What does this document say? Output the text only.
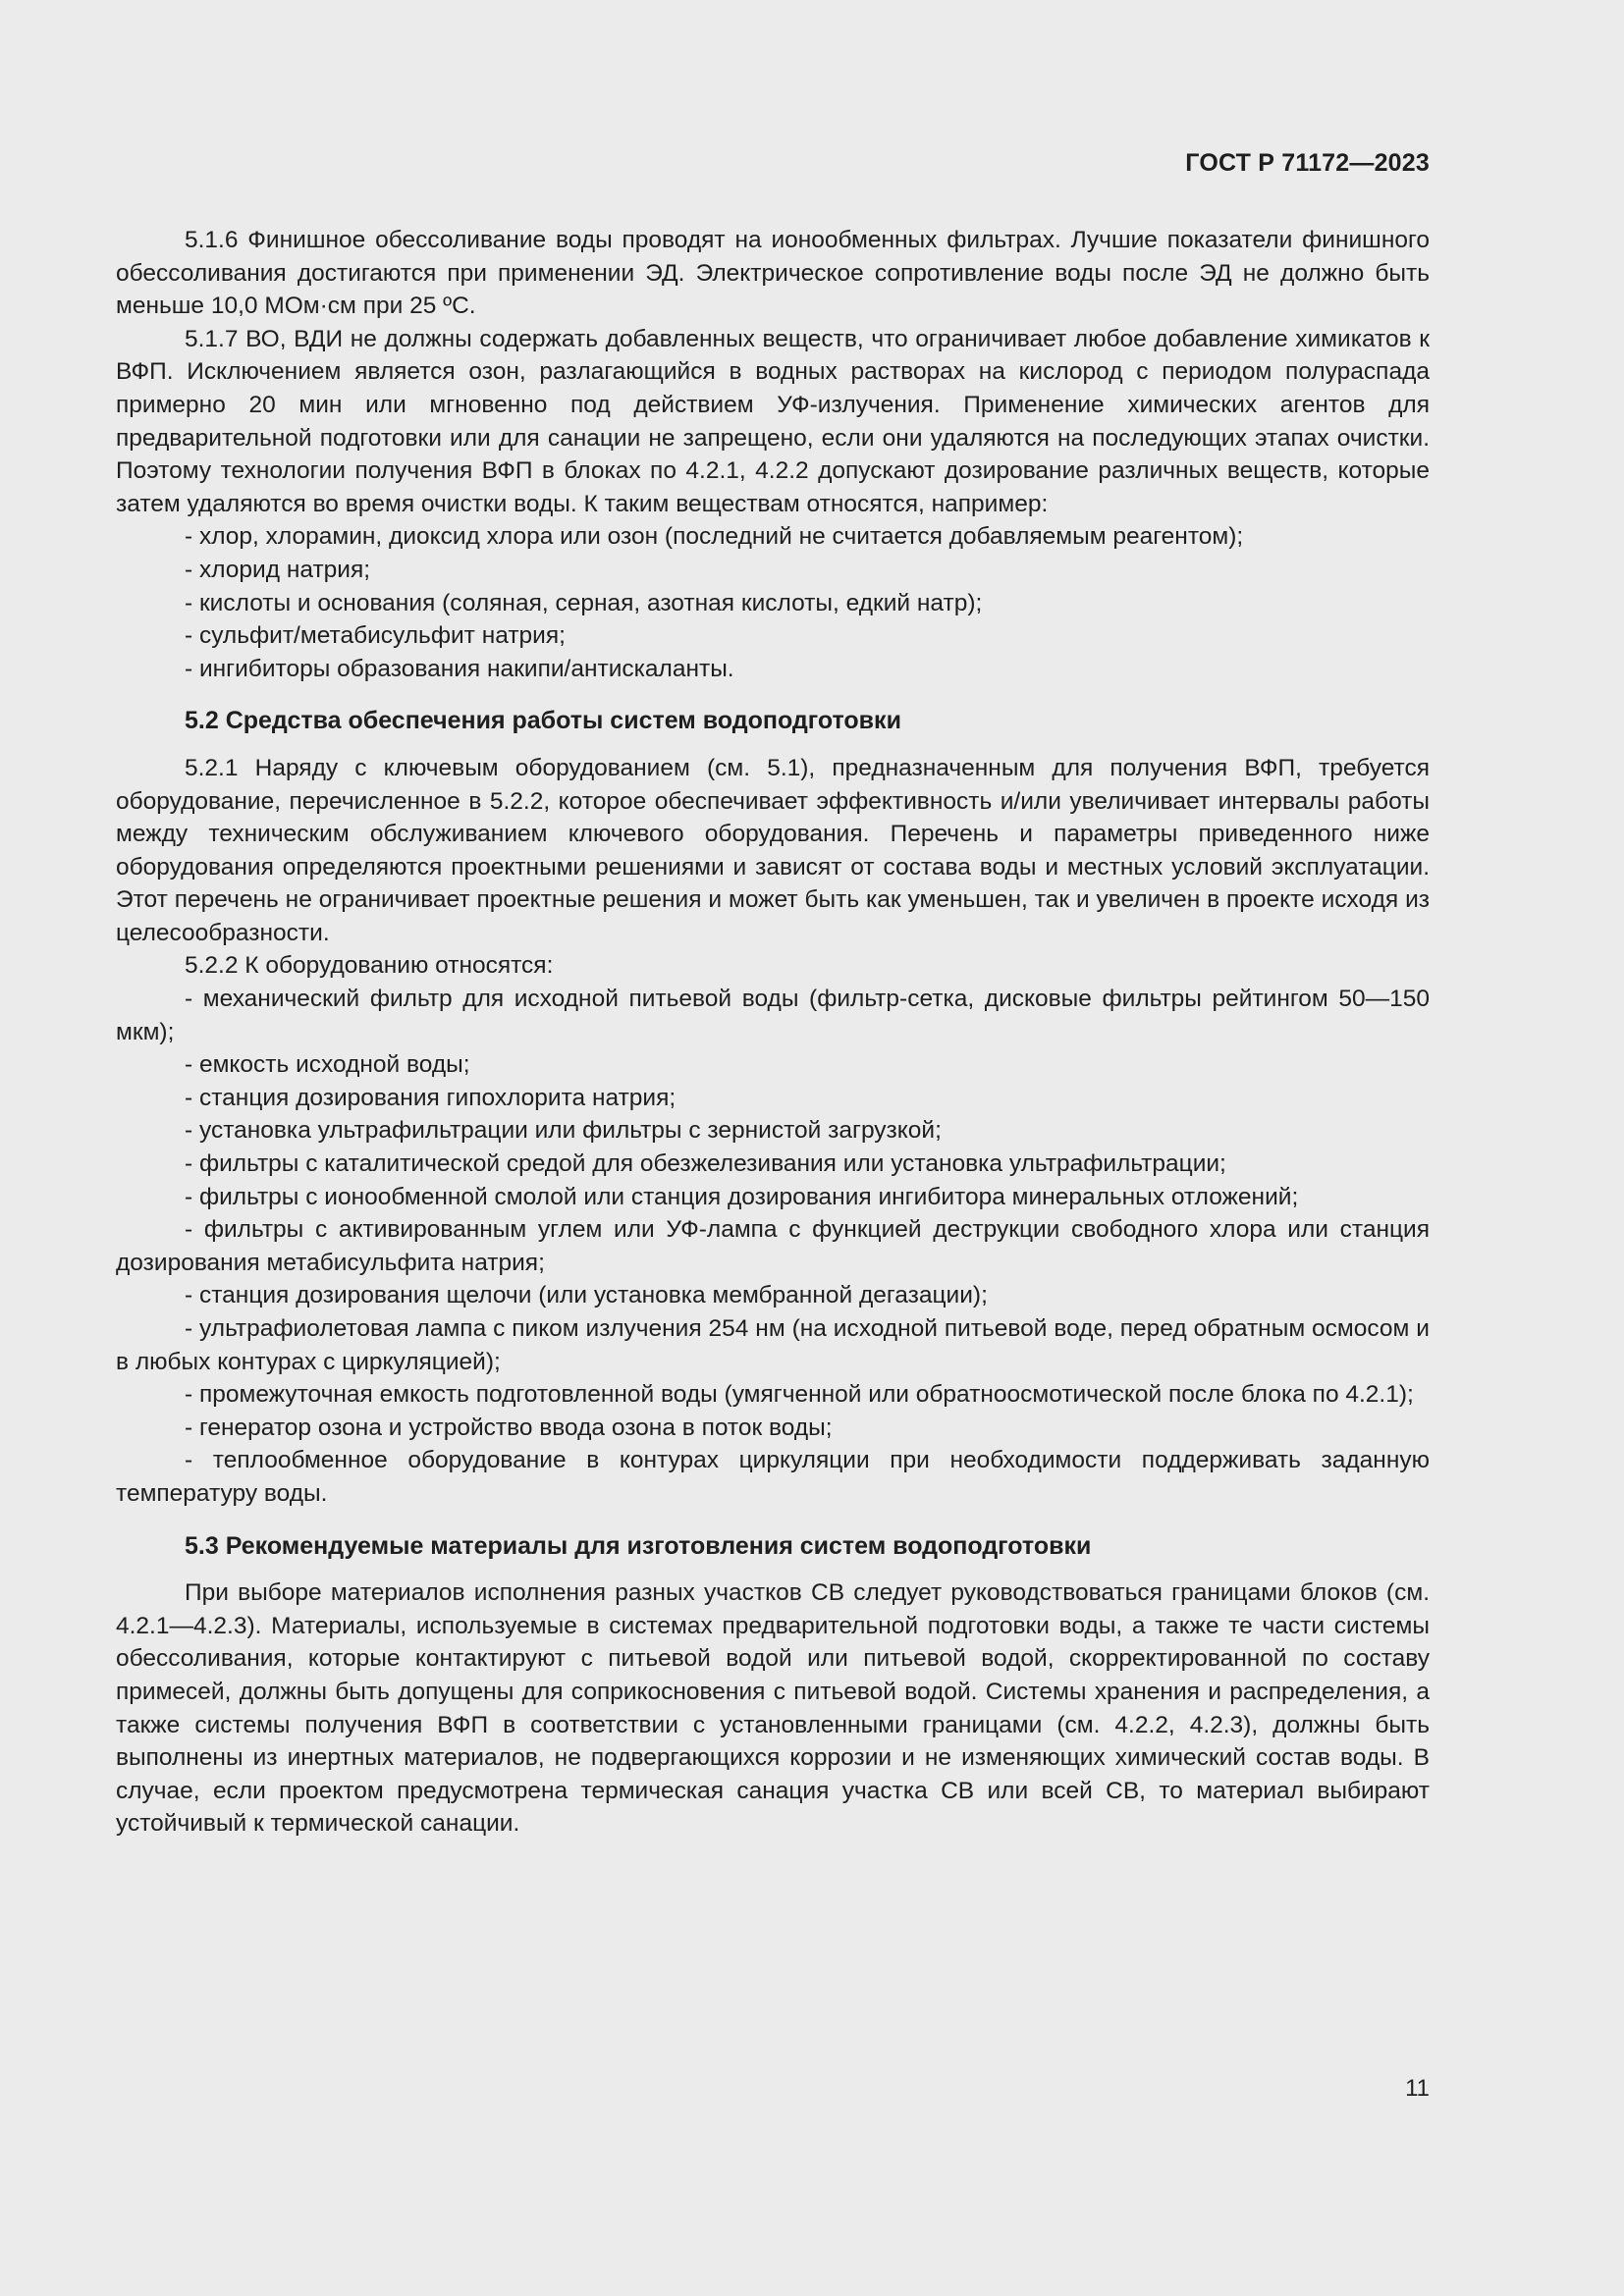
ГОСТ Р 71172—2023

5.1.6 Финишное обессоливание воды проводят на ионообменных фильтрах. Лучшие показатели финишного обессоливания достигаются при применении ЭД. Электрическое сопротивление воды после ЭД не должно быть меньше 10,0 МОм·см при 25 ºС.

5.1.7 ВО, ВДИ не должны содержать добавленных веществ, что ограничивает любое добавление химикатов к ВФП. Исключением является озон, разлагающийся в водных растворах на кислород с периодом полураспада примерно 20 мин или мгновенно под действием УФ-излучения. Применение химических агентов для предварительной подготовки или для санации не запрещено, если они удаляются на последующих этапах очистки. Поэтому технологии получения ВФП в блоках по 4.2.1, 4.2.2 допускают дозирование различных веществ, которые затем удаляются во время очистки воды. К таким веществам относятся, например:

- хлор, хлорамин, диоксид хлора или озон (последний не считается добавляемым реагентом);

- хлорид натрия;

- кислоты и основания (соляная, серная, азотная кислоты, едкий натр);

- сульфит/метабисульфит натрия;

- ингибиторы образования накипи/антискаланты.

5.2 Средства обеспечения работы систем водоподготовки

5.2.1 Наряду с ключевым оборудованием (см. 5.1), предназначенным для получения ВФП, требуется оборудование, перечисленное в 5.2.2, которое обеспечивает эффективность и/или увеличивает интервалы работы между техническим обслуживанием ключевого оборудования. Перечень и параметры приведенного ниже оборудования определяются проектными решениями и зависят от состава воды и местных условий эксплуатации. Этот перечень не ограничивает проектные решения и может быть как уменьшен, так и увеличен в проекте исходя из целесообразности.

5.2.2 К оборудованию относятся:

- механический фильтр для исходной питьевой воды (фильтр-сетка, дисковые фильтры рейтингом 50—150 мкм);

- емкость исходной воды;

- станция дозирования гипохлорита натрия;

- установка ультрафильтрации или фильтры с зернистой загрузкой;

- фильтры с каталитической средой для обезжелезивания или установка ультрафильтрации;

- фильтры с ионообменной смолой или станция дозирования ингибитора минеральных отложений;

- фильтры с активированным углем или УФ-лампа с функцией деструкции свободного хлора или станция дозирования метабисульфита натрия;

- станция дозирования щелочи (или установка мембранной дегазации);

- ультрафиолетовая лампа с пиком излучения 254 нм (на исходной питьевой воде, перед обратным осмосом и в любых контурах с циркуляцией);

- промежуточная емкость подготовленной воды (умягченной или обратноосмотической после блока по 4.2.1);

- генератор озона и устройство ввода озона в поток воды;

- теплообменное оборудование в контурах циркуляции при необходимости поддерживать заданную температуру воды.

5.3 Рекомендуемые материалы для изготовления систем водоподготовки

При выборе материалов исполнения разных участков СВ следует руководствоваться границами блоков (см. 4.2.1—4.2.3). Материалы, используемые в системах предварительной подготовки воды, а также те части системы обессоливания, которые контактируют с питьевой водой или питьевой водой, скорректированной по составу примесей, должны быть допущены для соприкосновения с питьевой водой. Системы хранения и распределения, а также системы получения ВФП в соответствии с установленными границами (см. 4.2.2, 4.2.3), должны быть выполнены из инертных материалов, не подвергающихся коррозии и не изменяющих химический состав воды. В случае, если проектом предусмотрена термическая санация участка СВ или всей СВ, то материал выбирают устойчивый к термической санации.

11
